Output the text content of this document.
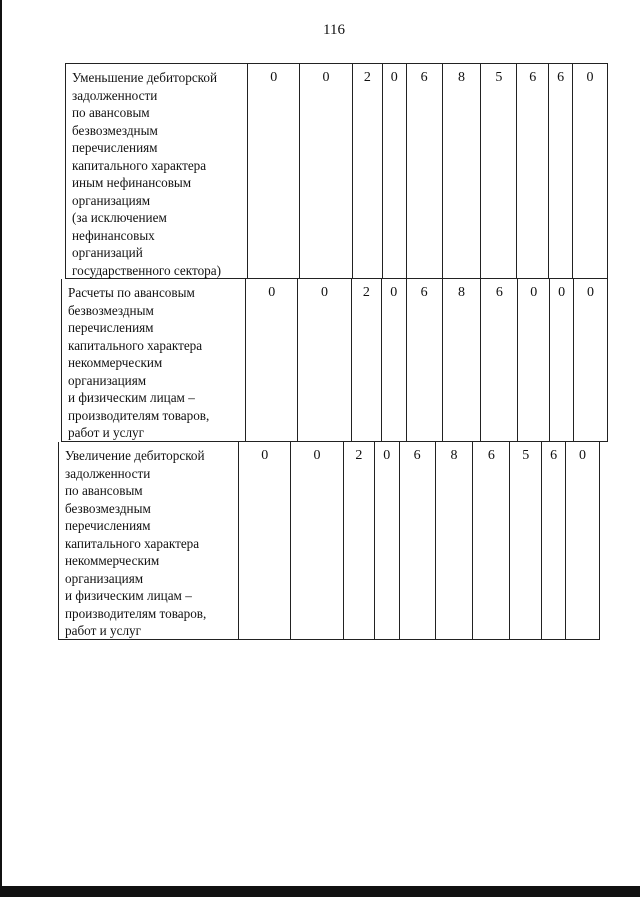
116
Уменьшение дебиторской
задолженности
по авансовым
безвозмездным
перечислениям
капитального характера
иным нефинансовым
организациям
(за исключением
нефинансовых
организаций
государственного сектора)
0	0	2	0	6	8	5	6	6	0
Расчеты по авансовым
безвозмездным
перечислениям
капитального характера
некоммерческим
организациям
и физическим лицам –
производителям товаров,
работ и услуг
0	0	2	0	6	8	6	0	0	0
Увеличение дебиторской
задолженности
по авансовым
безвозмездным
перечислениям
капитального характера
некоммерческим
организациям
и физическим лицам –
производителям товаров,
работ и услуг
0	0	2	0	6	8	6	5	6	0
